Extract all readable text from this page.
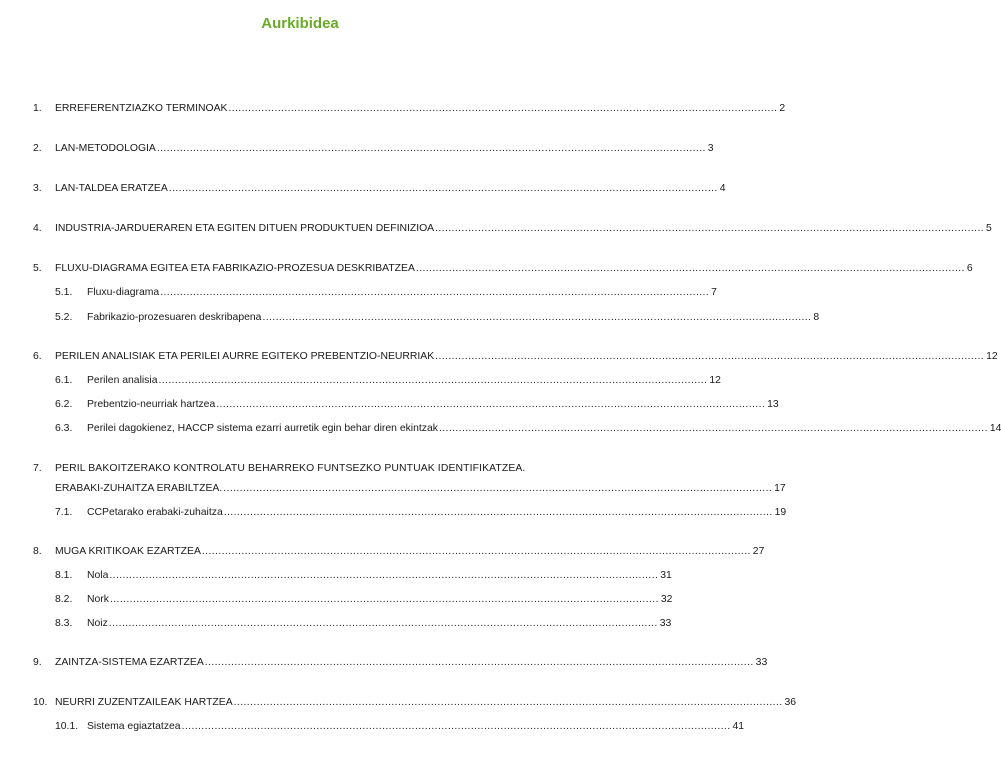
Aurkibidea
1. ERREFERENTZIAZKO TERMINOAK ....................................................................................................................................................................... 2
2. LAN-METODOLOGIA ....................................................................................................................................................................... 3
3. LAN-TALDEA ERATZEA ....................................................................................................................................................................... 4
4. INDUSTRIA-JARDUERAREN ETA EGITEN DITUEN PRODUKTUEN DEFINIZIOA ....................................................................................................................................................................... 5
5. FLUXU-DIAGRAMA EGITEA ETA FABRIKAZIO-PROZESUA DESKRIBATZEA ....................................................................................................................................................................... 6
5.1. Fluxu-diagrama ....................................................................................................................................................................... 7
5.2. Fabrikazio-prozesuaren deskribapena ....................................................................................................................................................................... 8
6. PERILEN ANALISIAK ETA PERILEI AURRE EGITEKO PREBENTZIO-NEURRIAK ....................................................................................................................................................................... 12
6.1. Perilen analisia ....................................................................................................................................................................... 12
6.2. Prebentzio-neurriak hartzea ....................................................................................................................................................................... 13
6.3. Perilei dagokienez, HACCP sistema ezarri aurretik egin behar diren ekintzak ....................................................................................................................................................................... 14
7. PERIL BAKOITZERAKO KONTROLATU BEHARREKO FUNTSEZKO PUNTUAK IDENTIFIKATZEA.
ERABAKI-ZUHAITZA ERABILTZEA. ....................................................................................................................................................................... 17
7.1. CCPetarako erabaki-zuhaitza ....................................................................................................................................................................... 19
8. MUGA KRITIKOAK EZARTZEA ....................................................................................................................................................................... 27
8.1. Nola ....................................................................................................................................................................... 31
8.2. Nork ....................................................................................................................................................................... 32
8.3. Noiz ....................................................................................................................................................................... 33
9. ZAINTZA-SISTEMA EZARTZEA ....................................................................................................................................................................... 33
10. NEURRI ZUZENTZAILEAK HARTZEA ....................................................................................................................................................................... 36
10.1. Sistema egiaztatzea ....................................................................................................................................................................... 41
